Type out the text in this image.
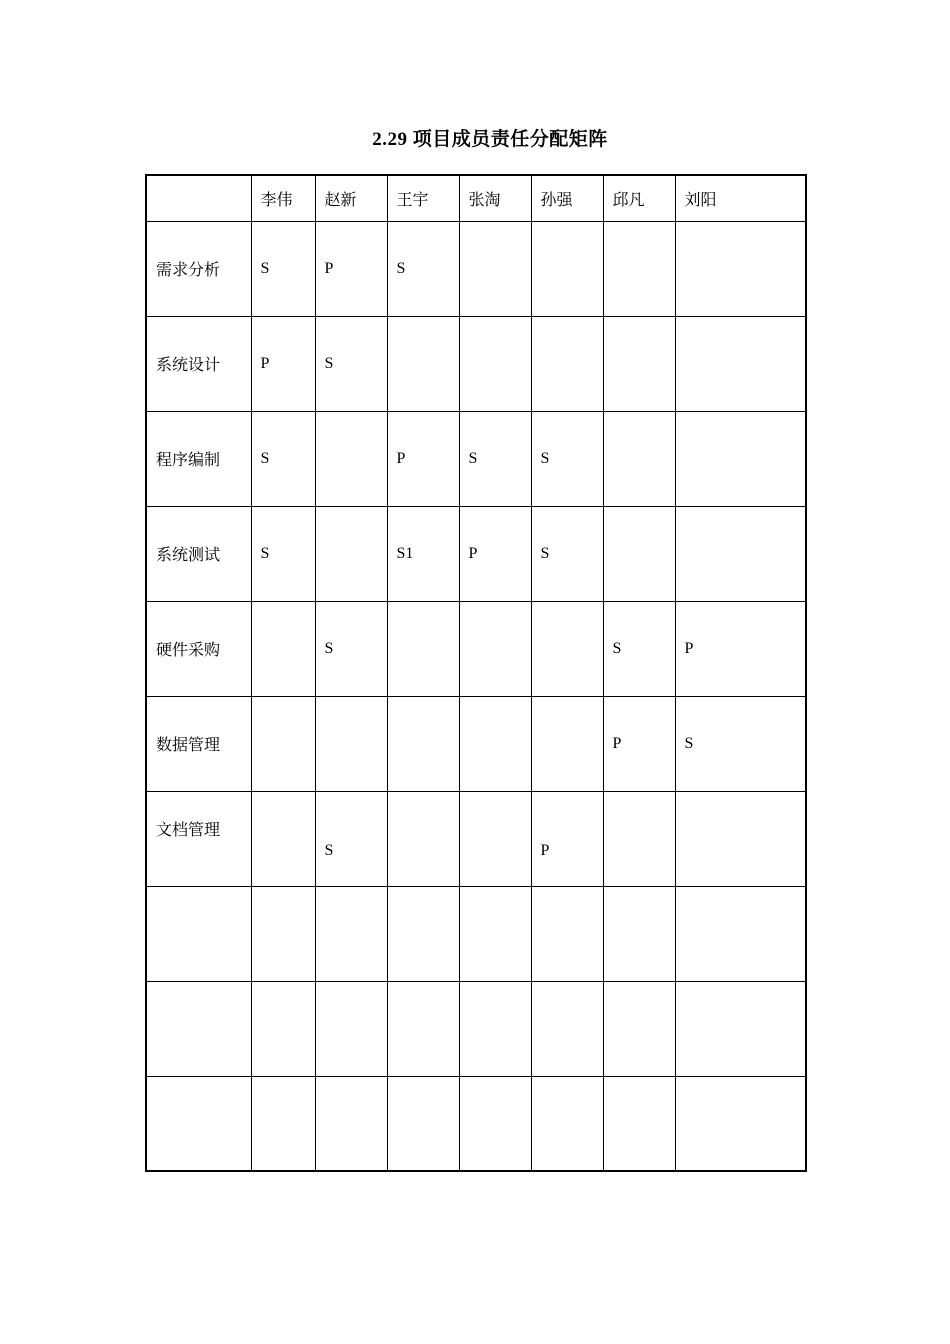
2.29 项目成员责任分配矩阵
	李伟	赵新	王宇	张淘	孙强	邱凡	刘阳
需求分析	S	P	S				
系统设计	P	S					
程序编制	S		P	S	S		
系统测试	S		S1	P	S		
硬件采购		S				S	P
数据管理						P	S
文档管理		S			P		
